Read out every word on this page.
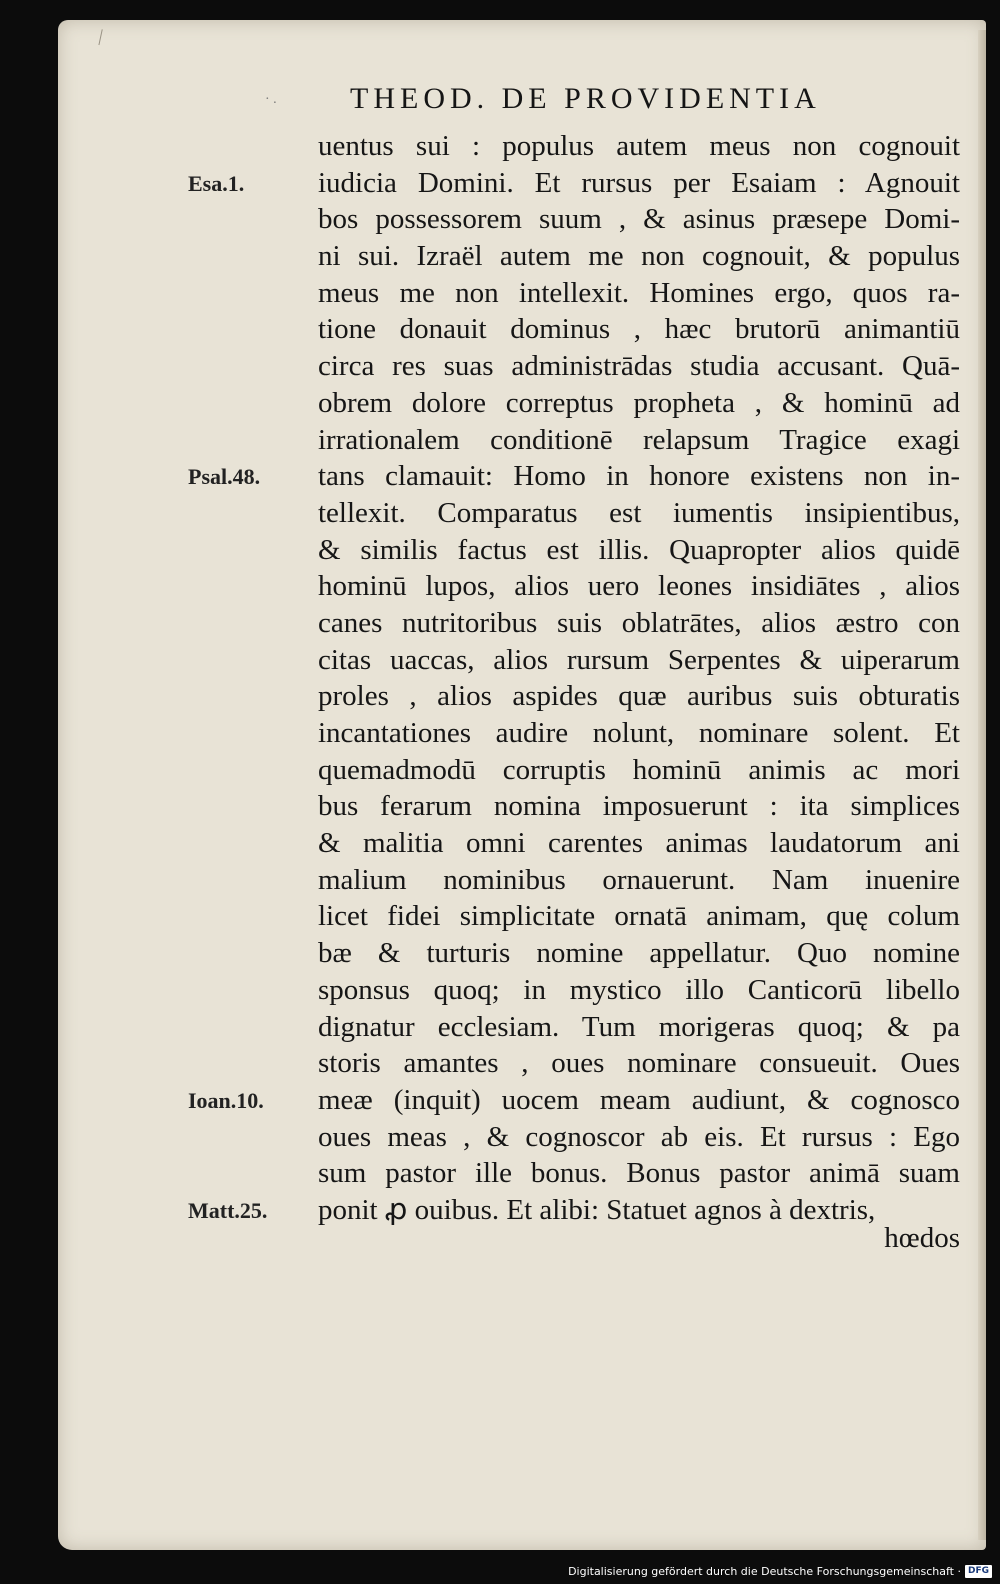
· . THEOD. DE PROVIDENTIA
uentus sui : populus autem meus non cognouit
iudicia Domini. Et rursus per Esaiam : Agnouit
bos possessorem suum , & asinus præsepe Domi-
ni sui. Izraël autem me non cognouit, & populus
meus me non intellexit. Homines ergo, quos ra-
tione donauit dominus , hæc brutorū animantiū
circa res suas administrādas studia accusant. Quā-
obrem dolore correptus propheta , & hominū ad
irrationalem conditionē relapsum Tragice exagi
tans clamauit: Homo in honore existens non in-
tellexit. Comparatus est iumentis insipientibus,
& similis factus est illis. Quapropter alios quidē
hominū lupos, alios uero leones insidiātes , alios
canes nutritoribus suis oblatrātes, alios æstro con
citas uaccas, alios rursum Serpentes & uiperarum
proles , alios aspides quæ auribus suis obturatis
incantationes audire nolunt, nominare solent. Et
quemadmodū corruptis hominū animis ac mori
bus ferarum nomina imposuerunt : ita simplices
& malitia omni carentes animas laudatorum ani
malium nominibus ornauerunt. Nam inuenire
licet fidei simplicitate ornatā animam, quę colum
bæ & turturis nomine appellatur. Quo nomine
sponsus quoq; in mystico illo Canticorū libello
dignatur ecclesiam. Tum morigeras quoq; & pa
storis amantes , oues nominare consueuit. Oues
meæ (inquit) uocem meam audiunt, & cognosco
oues meas , & cognoscor ab eis. Et rursus : Ego
sum pastor ille bonus. Bonus pastor animā suam
ponit ꝓ ouibus. Et alibi: Statuet agnos à dextris,
Esa.1.
Psal.48.
Ioan.10.
Matt.25.
hœdos
Digitalisierung gefördert durch die Deutsche Forschungsgemeinschaft · DFG
